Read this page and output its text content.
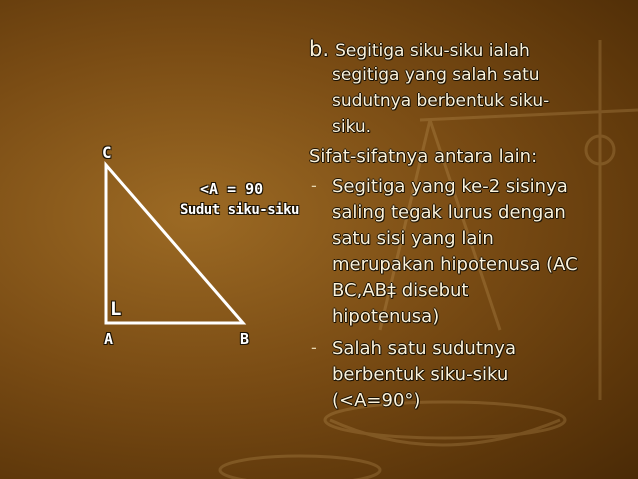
C
A	B
L
<A = 90
Sudut siku-siku
b. Segitiga siku-siku ialah
segitiga yang salah satu
sudutnya berbentuk siku-
siku.
Sifat-sifatnya antara lain:
- Segitiga yang ke-2 sisinya
saling tegak lurus dengan
satu sisi yang lain
merupakan hipotenusa (AC
BC,AB‡ disebut
hipotenusa)
- Salah satu sudutnya
berbentuk siku-siku
(<A=90°)
